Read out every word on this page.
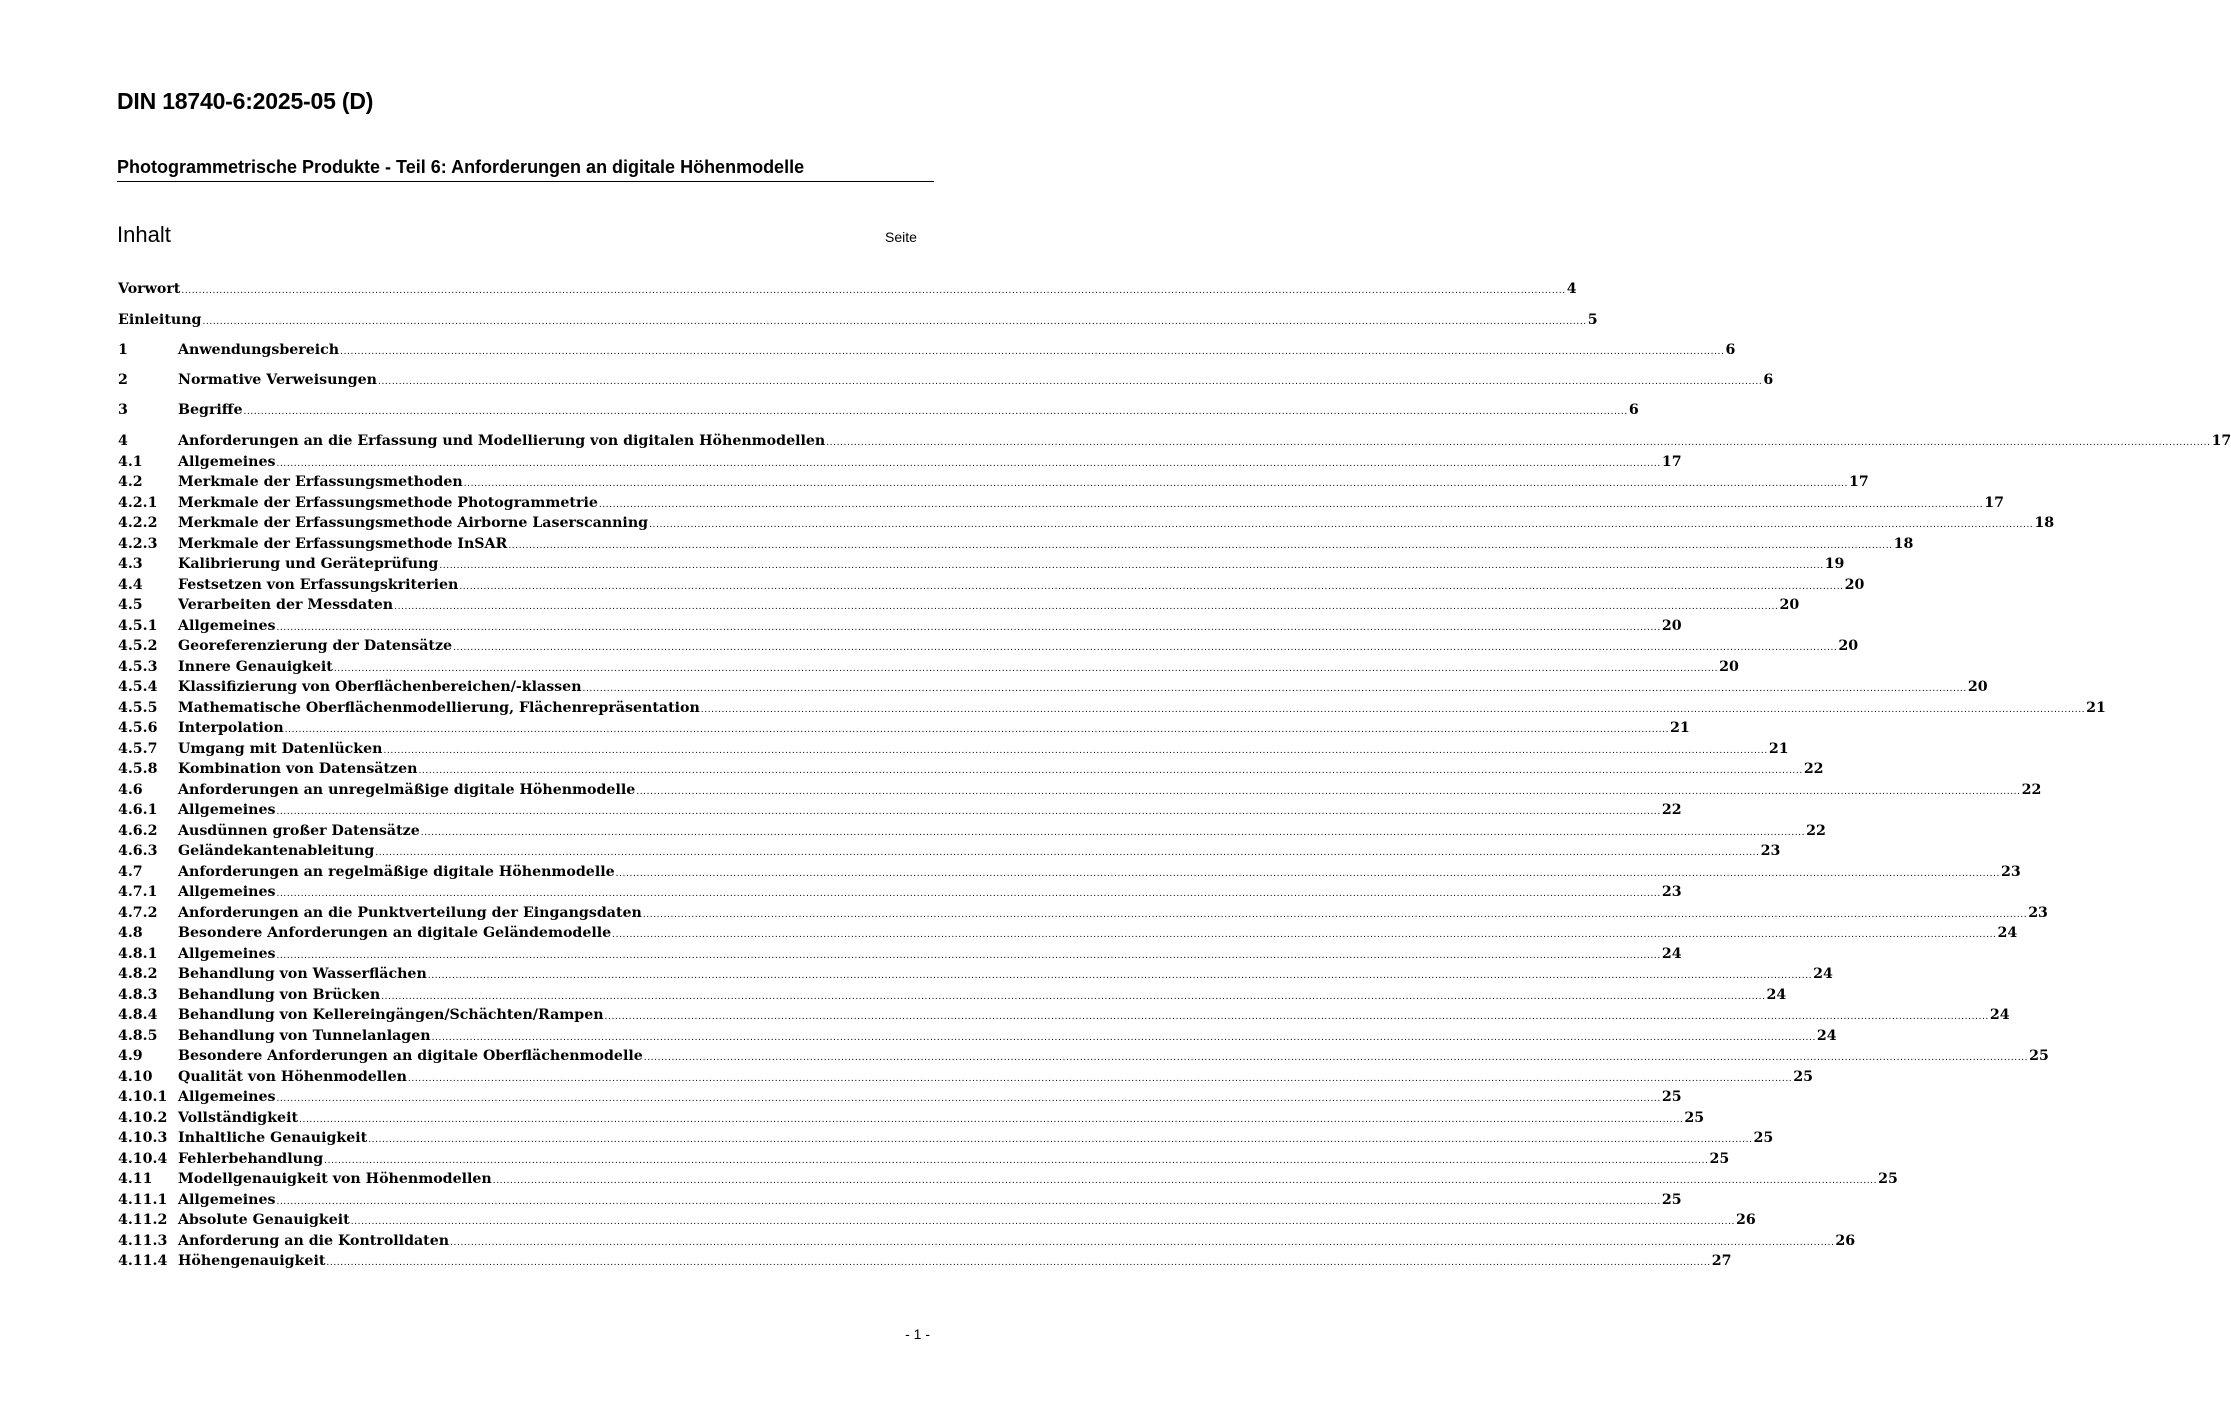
DIN 18740-6:2025-05 (D)
Photogrammetrische Produkte - Teil 6: Anforderungen an digitale Höhenmodelle
Inhalt	Seite
Vorwort ................................................................................................................................................................................................................................................................................................................................................................................................................ 4
Einleitung ................................................................................................................................................................................................................................................................................................................................................................................................................ 5
1	Anwendungsbereich ................................................................................................................................................................................................................................................................................................................................................................................................................ 6
2	Normative Verweisungen ................................................................................................................................................................................................................................................................................................................................................................................................................ 6
3	Begriffe ................................................................................................................................................................................................................................................................................................................................................................................................................ 6
4	Anforderungen an die Erfassung und Modellierung von digitalen Höhenmodellen ................................................................................................................................................................................................................................................................................................................................................................................................................ 17
4.1	Allgemeines ................................................................................................................................................................................................................................................................................................................................................................................................................ 17
4.2	Merkmale der Erfassungsmethoden ................................................................................................................................................................................................................................................................................................................................................................................................................ 17
4.2.1	Merkmale der Erfassungsmethode Photogrammetrie ................................................................................................................................................................................................................................................................................................................................................................................................................ 17
4.2.2	Merkmale der Erfassungsmethode Airborne Laserscanning ................................................................................................................................................................................................................................................................................................................................................................................................................ 18
4.2.3	Merkmale der Erfassungsmethode InSAR ................................................................................................................................................................................................................................................................................................................................................................................................................ 18
4.3	Kalibrierung und Geräteprüfung ................................................................................................................................................................................................................................................................................................................................................................................................................ 19
4.4	Festsetzen von Erfassungskriterien ................................................................................................................................................................................................................................................................................................................................................................................................................ 20
4.5	Verarbeiten der Messdaten ................................................................................................................................................................................................................................................................................................................................................................................................................ 20
4.5.1	Allgemeines ................................................................................................................................................................................................................................................................................................................................................................................................................ 20
4.5.2	Georeferenzierung der Datensätze ................................................................................................................................................................................................................................................................................................................................................................................................................ 20
4.5.3	Innere Genauigkeit ................................................................................................................................................................................................................................................................................................................................................................................................................ 20
4.5.4	Klassifizierung von Oberflächenbereichen/-klassen ................................................................................................................................................................................................................................................................................................................................................................................................................ 20
4.5.5	Mathematische Oberflächenmodellierung, Flächenrepräsentation ................................................................................................................................................................................................................................................................................................................................................................................................................ 21
4.5.6	Interpolation ................................................................................................................................................................................................................................................................................................................................................................................................................ 21
4.5.7	Umgang mit Datenlücken ................................................................................................................................................................................................................................................................................................................................................................................................................ 21
4.5.8	Kombination von Datensätzen ................................................................................................................................................................................................................................................................................................................................................................................................................ 22
4.6	Anforderungen an unregelmäßige digitale Höhenmodelle ................................................................................................................................................................................................................................................................................................................................................................................................................ 22
4.6.1	Allgemeines ................................................................................................................................................................................................................................................................................................................................................................................................................ 22
4.6.2	Ausdünnen großer Datensätze ................................................................................................................................................................................................................................................................................................................................................................................................................ 22
4.6.3	Geländekantenableitung ................................................................................................................................................................................................................................................................................................................................................................................................................ 23
4.7	Anforderungen an regelmäßige digitale Höhenmodelle ................................................................................................................................................................................................................................................................................................................................................................................................................ 23
4.7.1	Allgemeines ................................................................................................................................................................................................................................................................................................................................................................................................................ 23
4.7.2	Anforderungen an die Punktverteilung der Eingangsdaten ................................................................................................................................................................................................................................................................................................................................................................................................................ 23
4.8	Besondere Anforderungen an digitale Geländemodelle ................................................................................................................................................................................................................................................................................................................................................................................................................ 24
4.8.1	Allgemeines ................................................................................................................................................................................................................................................................................................................................................................................................................ 24
4.8.2	Behandlung von Wasserflächen ................................................................................................................................................................................................................................................................................................................................................................................................................ 24
4.8.3	Behandlung von Brücken ................................................................................................................................................................................................................................................................................................................................................................................................................ 24
4.8.4	Behandlung von Kellereingängen/Schächten/Rampen ................................................................................................................................................................................................................................................................................................................................................................................................................ 24
4.8.5	Behandlung von Tunnelanlagen ................................................................................................................................................................................................................................................................................................................................................................................................................ 24
4.9	Besondere Anforderungen an digitale Oberflächenmodelle ................................................................................................................................................................................................................................................................................................................................................................................................................ 25
4.10	Qualität von Höhenmodellen ................................................................................................................................................................................................................................................................................................................................................................................................................ 25
4.10.1 Allgemeines ................................................................................................................................................................................................................................................................................................................................................................................................................ 25
4.10.2 Vollständigkeit ................................................................................................................................................................................................................................................................................................................................................................................................................ 25
4.10.3 Inhaltliche Genauigkeit ................................................................................................................................................................................................................................................................................................................................................................................................................ 25
4.10.4 Fehlerbehandlung ................................................................................................................................................................................................................................................................................................................................................................................................................ 25
4.11	Modellgenauigkeit von Höhenmodellen ................................................................................................................................................................................................................................................................................................................................................................................................................ 25
4.11.1 Allgemeines ................................................................................................................................................................................................................................................................................................................................................................................................................ 25
4.11.2 Absolute Genauigkeit ................................................................................................................................................................................................................................................................................................................................................................................................................ 26
4.11.3 Anforderung an die Kontrolldaten ................................................................................................................................................................................................................................................................................................................................................................................................................ 26
4.11.4 Höhengenauigkeit ................................................................................................................................................................................................................................................................................................................................................................................................................ 27
- 1 -
